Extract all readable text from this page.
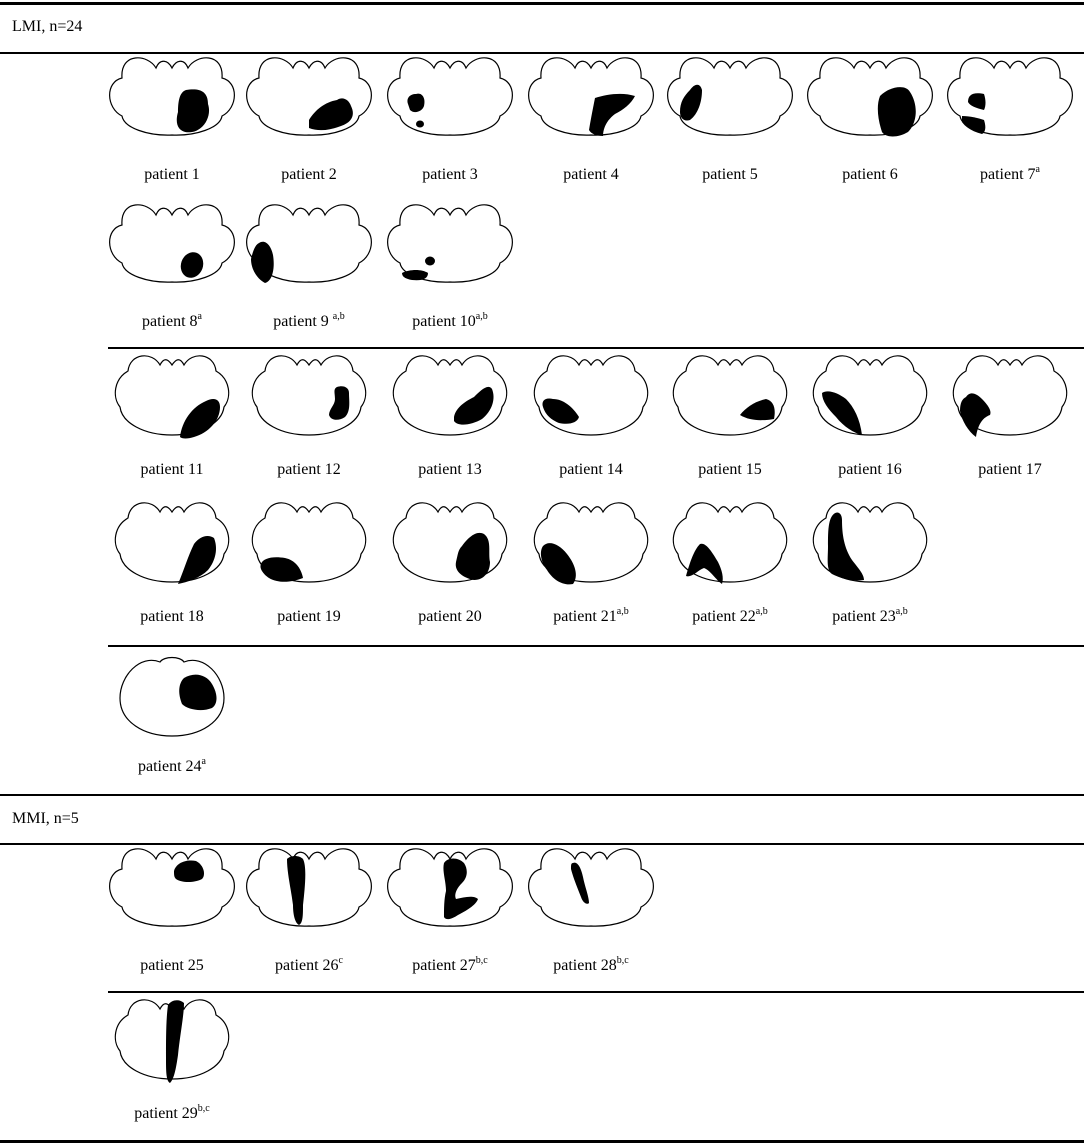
LMI, n=24
MMI, n=5
patient 1	patient 2	patient 3	patient 4	patient 5	patient 6	patient 7$^a$
patient 8$^a$	patient 9 $^{a,b}$	patient 10$^{a,b}$
patient 11	patient 12	patient 13	patient 14	patient 15	patient 16	patient 17
patient 18	patient 19	patient 20	patient 21$^{a,b}$	patient 22$^{a,b}$	patient 23$^{a,b}$
patient 24$^a$
patient 25	patient 26$^c$	patient 27$^{b,c}$	patient 28$^{b,c}$
patient 29$^{b,c}$
